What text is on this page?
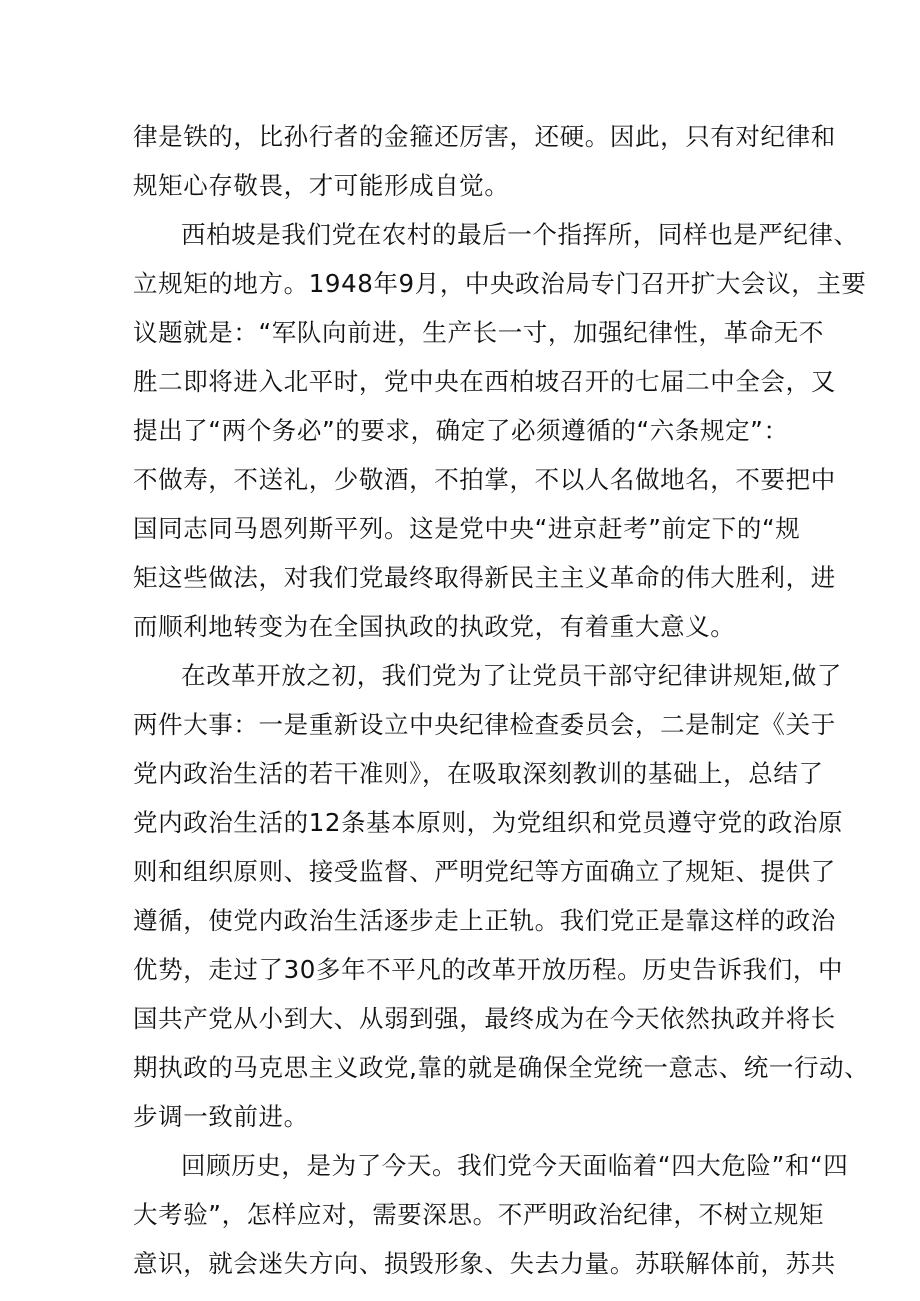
律是铁的，比孙行者的金箍还厉害，还硬。因此，只有对纪律和
规矩心存敬畏，才可能形成自觉。
西柏坡是我们党在农村的最后一个指挥所，同样也是严纪律、
立规矩的地方。1948年9月，中央政治局专门召开扩大会议，主要
议题就是：“军队向前进，生产长一寸，加强纪律性，革命无不
胜二即将进入北平时，党中央在西柏坡召开的七届二中全会，又
提出了“两个务必”的要求，确定了必须遵循的“六条规定”：
不做寿，不送礼，少敬酒，不拍掌，不以人名做地名，不要把中
国同志同马恩列斯平列。这是党中央“进京赶考”前定下的“规
矩这些做法，对我们党最终取得新民主主义革命的伟大胜利，进
而顺利地转变为在全国执政的执政党，有着重大意义。
在改革开放之初，我们党为了让党员干部守纪律讲规矩,做了
两件大事：一是重新设立中央纪律检查委员会，二是制定《关于
党内政治生活的若干准则》，在吸取深刻教训的基础上，总结了
党内政治生活的12条基本原则，为党组织和党员遵守党的政治原
则和组织原则、接受监督、严明党纪等方面确立了规矩、提供了
遵循，使党内政治生活逐步走上正轨。我们党正是靠这样的政治
优势，走过了30多年不平凡的改革开放历程。历史告诉我们，中
国共产党从小到大、从弱到强，最终成为在今天依然执政并将长
期执政的马克思主义政党,靠的就是确保全党统一意志、统一行动、
步调一致前进。
回顾历史，是为了今天。我们党今天面临着“四大危险”和“四
大考验”，怎样应对，需要深思。不严明政治纪律，不树立规矩
意识，就会迷失方向、损毁形象、失去力量。苏联解体前，苏共
